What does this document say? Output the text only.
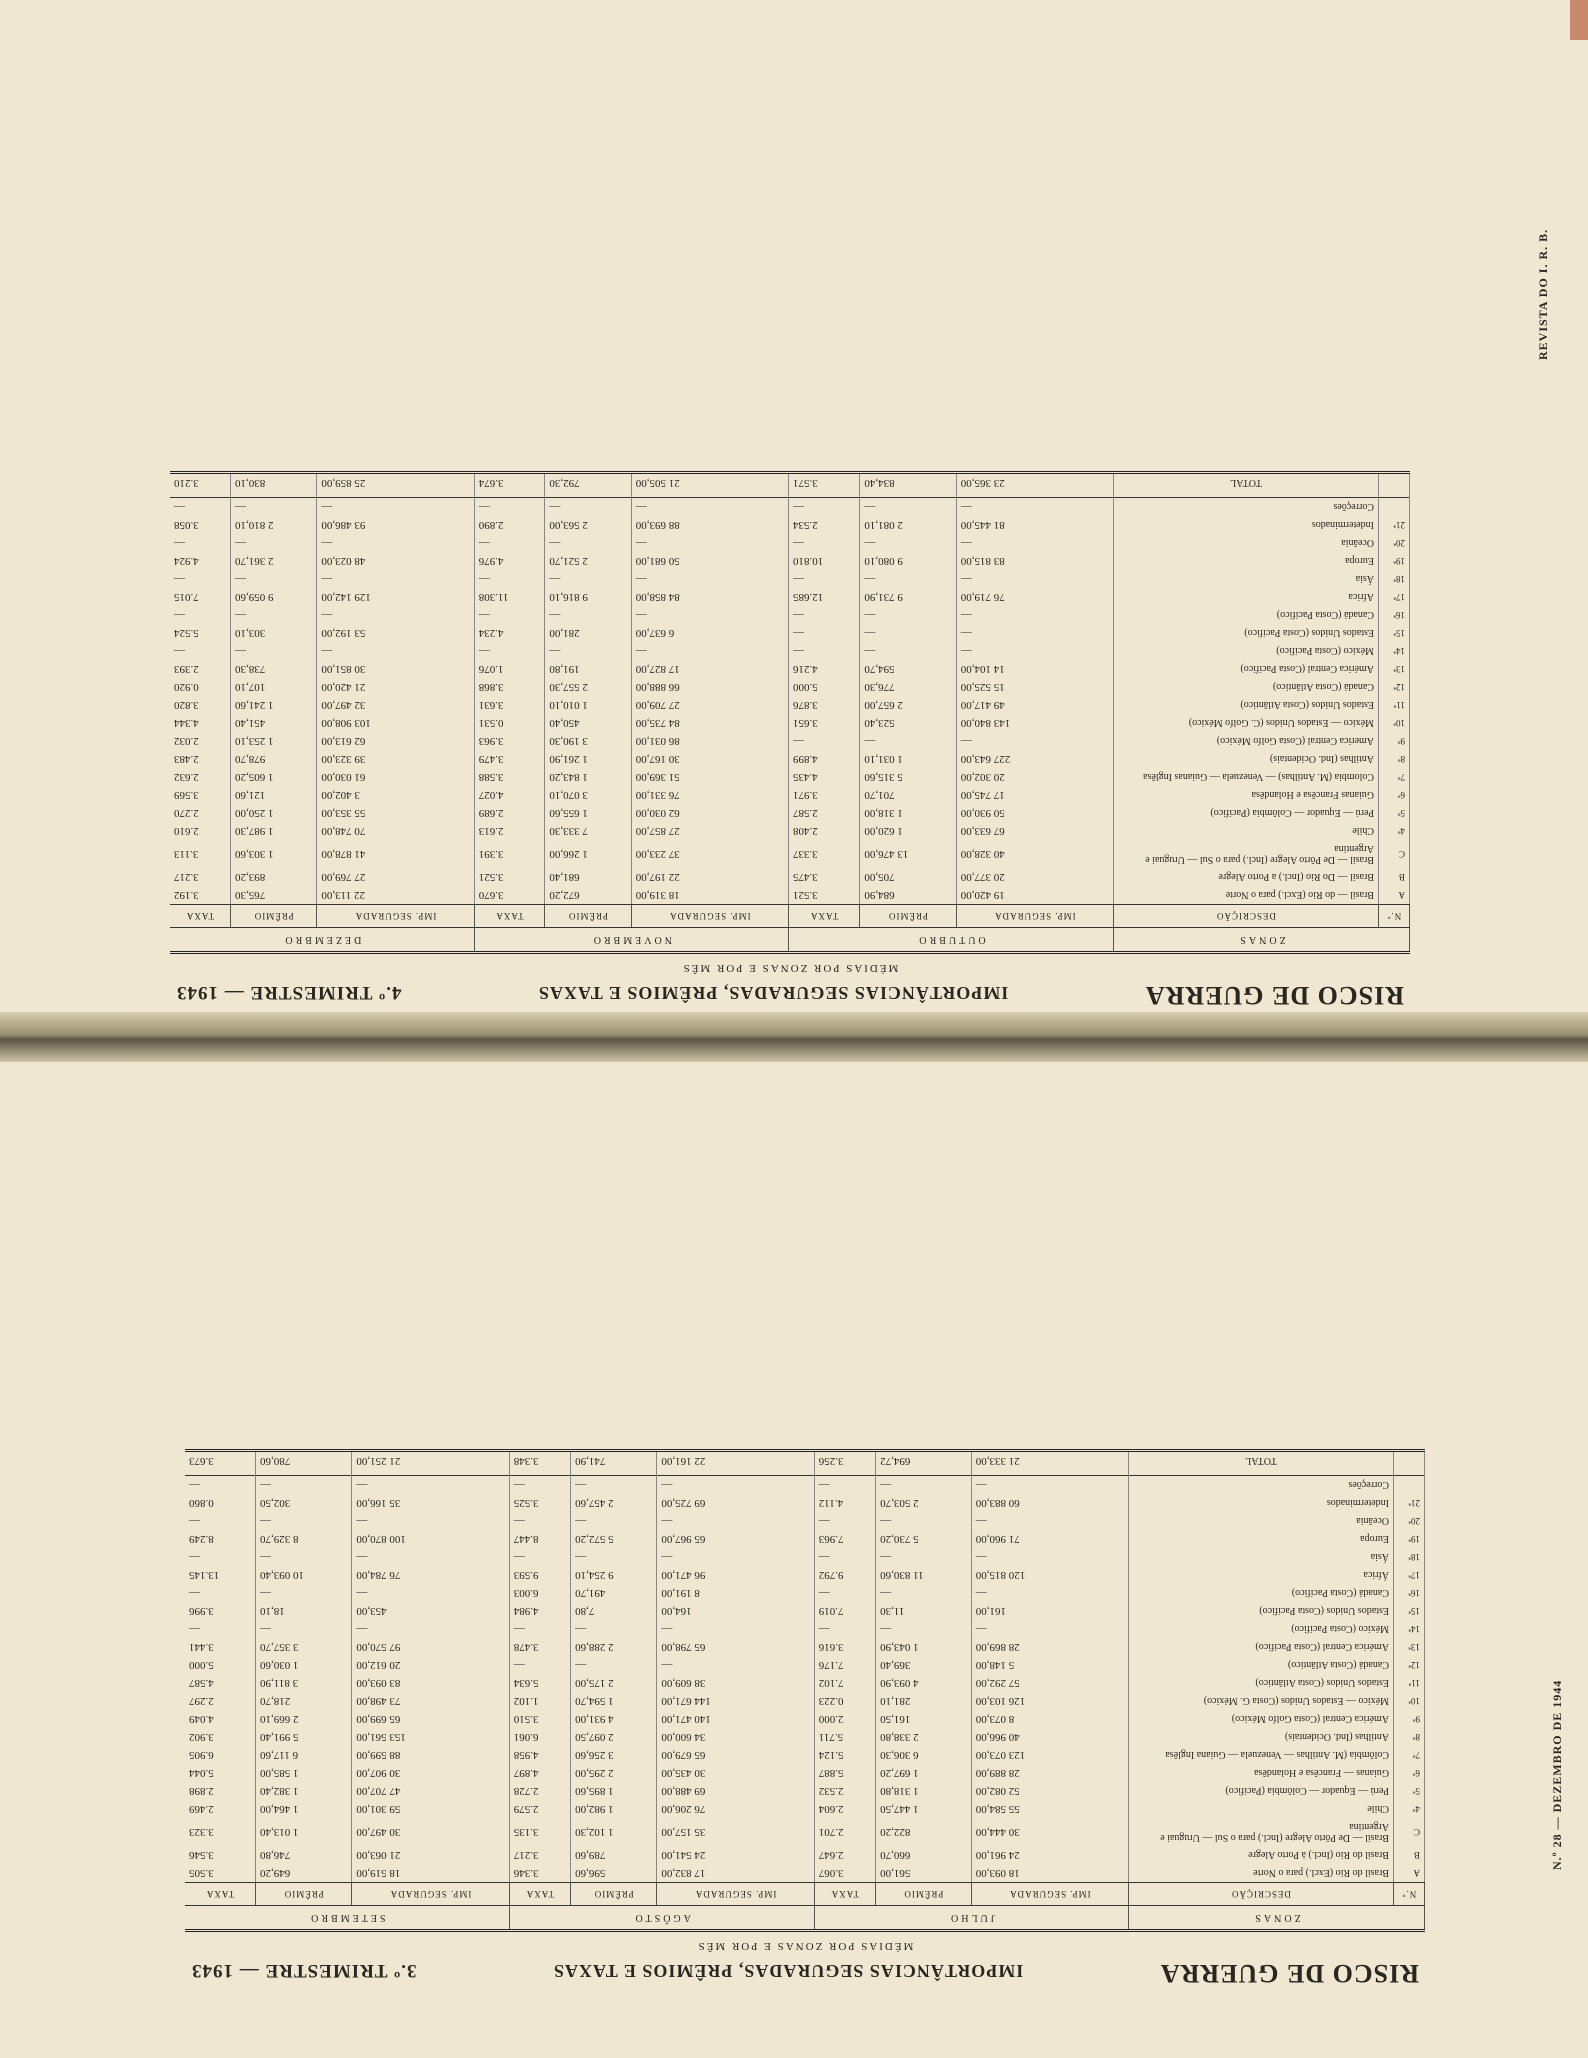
REVISTA DO I. R. B.
N.º 28 — DEZEMBRO DE 1944
RISCO DE GUERRA
IMPORTÂNCIAS SEGURADAS, PRÊMIOS E TAXAS
4.º TRIMESTRE — 1943
MÉDIAS POR ZONAS E POR MÊS
ZONAS		OUTUBRO			NOVEMBRO			DEZEMBRO		
N.º	DESCRIÇÃO	IMP. SEGURADA	PRÊMIO	TAXA	IMP. SEGURADA	PRÊMIO	TAXA	IMP. SEGURADA	PRÊMIO	TAXA
A	Brasil — do Rio (Excl.) para o Norte	19 420,00	684,90	3.521	18 319,00	672,20	3.670	22 113,00	765,30	3.192
B	Brasil — Do Rio (Incl.) a Porto Alegre	20 377,00	705,00	3.475	22 197,00	681,40	3.521	27 769,00	893,20	3.217
C	Brasil — De Pôrto Alegre (Incl.) para o Sul — Uruguai e Argentina	40 328,00	13 476,00	3.337	37 233,00	1 266,00	3.391	41 878,00	1 303,60	3.113
4ª	Chile	67 633,00	1 620,00	2.408	27 857,00	7 333,30	2.613	70 748,00	1 987,30	2.610
5ª	Perú — Equador — Colômbia (Pacífico)	50 930,00	1 318,00	2.587	62 030,00	1 655,60	2.689	55 353,00	1 250,00	2.270
6ª	Guianas Francêsa e Holandêsa	17 745,00	701,70	3.971	76 331,00	3 070,10	4.027	3 402,00	121,60	3.569
7ª	Colombia (M. Antilhas) — Venezuela — Guianas Inglêsa	20 302,00	5 315,60	4.435	51 369,00	1 843,20	3.588	61 030,00	1 605,20	2.632
8ª	Antilhas (Ind. Ocidentais)	227 643,00	1 031,10	4.899	30 167,00	1 261,90	3.479	39 323,00	978,70	2.483
9ª	America Central (Costa Golfo México)	—	—	—	86 031,00	3 190,30	3.963	62 613,00	1 253,10	2.032
10ª	México — Estados Unidos (C. Golfo México)	143 840,00	523,40	3.651	84 735,00	450,40	0.531	103 908,00	451,40	4.344
11ª	Estados Unidos (Costa Atlântico)	49 417,00	2 657,00	3.876	27 709,00	1 010,10	3.631	32 497,00	1 241,60	3.820
12ª	Canadá (Costa Atlântico)	15 525,00	776,30	5.000	66 888,00	2 557,30	3.868	21 420,00	107,10	0.920
13ª	América Central (Costa Pacífico)	14 104,00	594,70	4.216	17 827,00	191,80	1.076	30 851,00	738,30	2.393
14ª	México (Costa Pacífico)	—	—	—	—	—	—	—	—	—
15ª	Estados Unidos (Costa Pacífico)	—	—	—	6 637,00	281,00	4.234	53 192,00	303,10	5.524
16ª	Canadá (Costa Pacífico)	—	—	—	—	—	—	—	—	—
17ª	Africa	76 719,00	9 731,90	12.685	84 858,00	9 816,10	11.308	129 142,00	9 059,60	7.015
18ª	Ásia	—	—	—	—	—	—	—	—	—
19ª	Europa	83 815,00	9 080,10	10.810	50 681,00	2 521,70	4.976	48 023,00	2 361,70	4.924
20ª	Oceânia	—	—	—	—	—	—	—	—	—
21ª	Indeterminados	81 445,00	2 081,10	2.534	88 693,00	2 563,00	2.890	93 486,00	2 810,10	3.058
	Correções	—	—	—	—	—	—	—	—	—
	TOTAL	23 365,00	834,40	3.571	21 505,00	792,30	3.674	25 859,00	830,10	3.210
RISCO DE GUERRA
IMPORTÂNCIAS SEGURADAS, PRÊMIOS E TAXAS
3.º TRIMESTRE — 1943
MÉDIAS POR ZONAS E POR MÊS
ZONAS		JULHO			AGÔSTO			SETEMBRO		
N.º	DESCRIÇÃO	IMP. SEGURADA	PRÊMIO	TAXA	IMP. SEGURADA	PRÊMIO	TAXA	IMP. SEGURADA	PRÊMIO	TAXA
A	Brasil do Rio (Excl.) para o Norte	18 093,00	561,00	3.067	17 832,00	596,60	3.346	18 519,00	649,20	3.505
B	Brasil do Rio (Incl.) à Porto Alegre	24 961,00	660,70	2.647	24 541,00	789,60	3.217	21 063,00	746,80	3.546
C	Brasil — De Pôrto Alegre (Incl.) para o Sul — Uruguai e Argentina	30 444,00	822,20	2.701	35 157,00	1 102,30	3.135	30 497,00	1 013,40	3.323
4ª	Chile	55 584,00	1 447,50	2.604	76 206,00	1 982,00	2.579	59 301,00	1 464,00	2.469
5ª	Perú — Equador — Colômbia (Pacífico)	52 082,00	1 318,80	2.532	69 488,00	1 895,60	2.728	47 707,00	1 382,40	2.898
6ª	Guianas — Francêsa e Holandêsa	28 889,00	1 697,20	5.887	30 435,00	2 295,00	4.897	30 907,00	1 585,00	5.044
7ª	Colômbia (M. Antilhas — Venezuela — Guiana Inglêsa	123 073,00	6 306,30	5.124	65 679,00	3 256,60	4.958	88 599,00	6 117,60	6.905
8ª	Antilhas (Ind. Ocidentais)	40 966,00	2 338,80	5.711	34 600,00	2 097,50	6.061	153 561,00	5 991,40	3.902
9ª	América Central (Costa Golfo México)	8 073,00	161,50	2.000	140 471,00	4 931,00	3.510	65 699,00	2 669,10	4.049
10ª	México — Estados Unidos (Costa G. México)	126 103,00	281,10	0.223	144 671,00	1 594,70	1.102	73 498,00	218,70	2.297
11ª	Estados Unidos (Costa Atlântico)	57 292,00	4 093,90	7.102	38 609,00	2 175,00	5.634	83 093,00	3 811,90	4.587
12ª	Canadá (Costa Atlântico)	5 148,00	369,40	7.176	—	—	—	20 612,00	1 030,60	5.000
13ª	América Central (Costa Pacífico)	28 869,00	1 043,90	3.616	65 798,00	2 288,60	3.478	97 570,00	3 357,70	3.441
14ª	México (Costa Pacífico)	—	—	—	—	—	—	—	—	—
15ª	Estados Unidos (Costa Pacífico)	161,00	11,30	7.019	164,00	7,80	4.984	453,00	18,10	3.996
16ª	Canadá (Costa Pacífico)	—	—	—	8 191,00	491,70	6.003	—	—	—
17ª	África	120 815,00	11 830,60	9.792	96 471,00	9 254,10	9.593	76 784,00	10 093,40	13.145
18ª	Ásia	—	—	—	—	—	—	—	—	—
19ª	Europa	71 960,00	5 730,20	7.963	65 967,00	5 572,20	8.447	100 870,00	8 329,70	8.249
20ª	Oceânia	—	—	—	—	—	—	—	—	—
21ª	Indeterminados	60 883,00	2 503,70	4.112	69 725,00	2 457,60	3.525	35 166,00	302,50	0.860
	Correções	—	—	—	—	—	—	—	—	—
	TOTAL	21 333,00	694,72	3.256	22 161,00	741,90	3.348	21 251,00	780,60	3.673
